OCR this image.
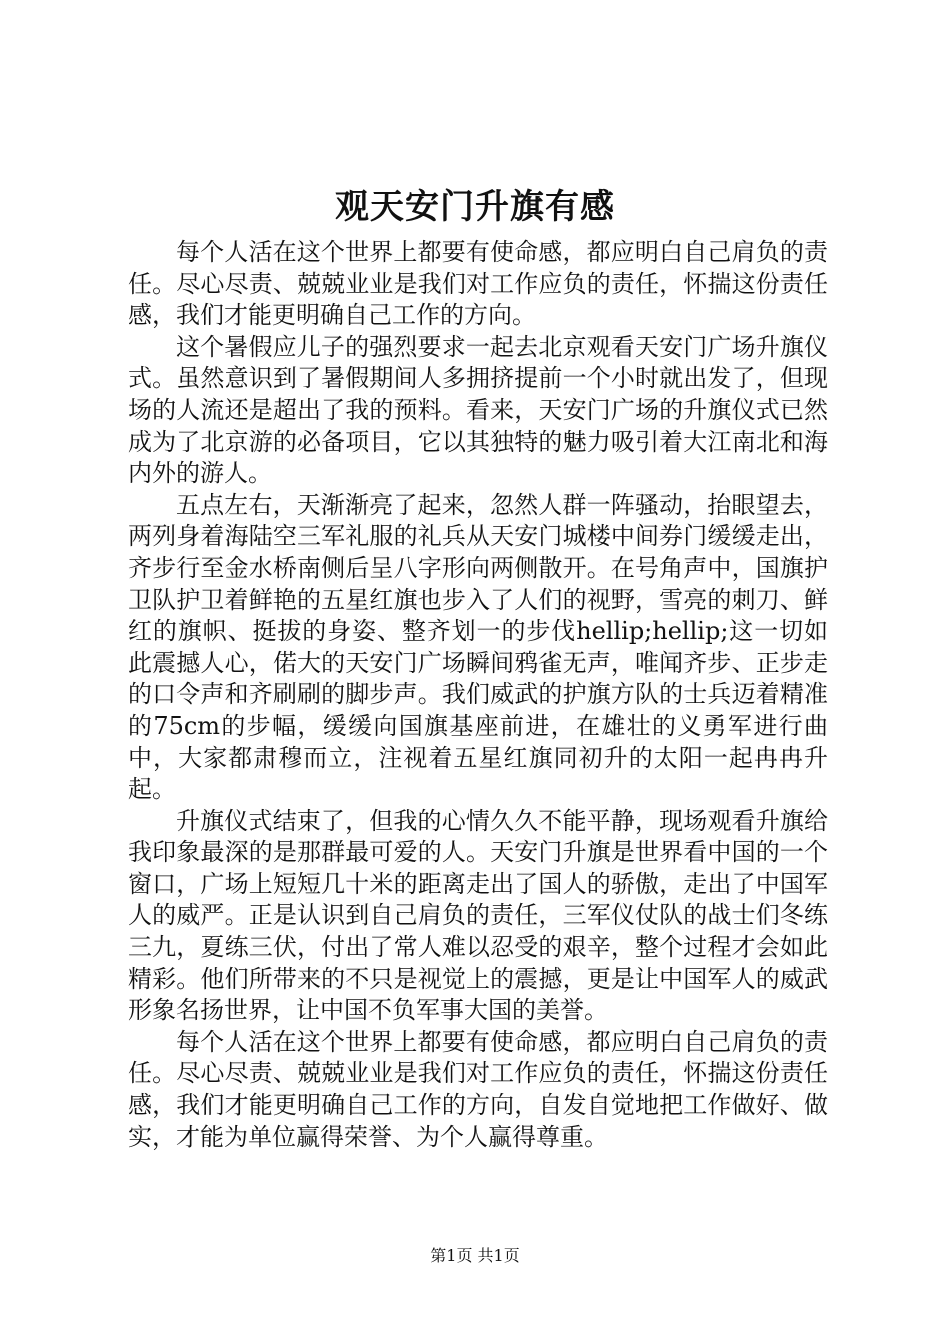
观天安门升旗有感

每个人活在这个世界上都要有使命感，都应明白自己肩负的责任。尽心尽责、兢兢业业是我们对工作应负的责任，怀揣这份责任感，我们才能更明确自己工作的方向。

这个暑假应儿子的强烈要求一起去北京观看天安门广场升旗仪式。虽然意识到了暑假期间人多拥挤提前一个小时就出发了，但现场的人流还是超出了我的预料。看来，天安门广场的升旗仪式已然成为了北京游的必备项目，它以其独特的魅力吸引着大江南北和海内外的游人。

五点左右，天渐渐亮了起来，忽然人群一阵骚动，抬眼望去，两列身着海陆空三军礼服的礼兵从天安门城楼中间券门缓缓走出，齐步行至金水桥南侧后呈八字形向两侧散开。在号角声中，国旗护卫队护卫着鲜艳的五星红旗也步入了人们的视野，雪亮的刺刀、鲜红的旗帜、挺拔的身姿、整齐划一的步伐hellip;hellip;这一切如此震撼人心，偌大的天安门广场瞬间鸦雀无声，唯闻齐步、正步走的口令声和齐刷刷的脚步声。我们威武的护旗方队的士兵迈着精准的75cm的步幅，缓缓向国旗基座前进，在雄壮的义勇军进行曲中，大家都肃穆而立，注视着五星红旗同初升的太阳一起冉冉升起。

升旗仪式结束了，但我的心情久久不能平静，现场观看升旗给我印象最深的是那群最可爱的人。天安门升旗是世界看中国的一个窗口，广场上短短几十米的距离走出了国人的骄傲，走出了中国军人的威严。正是认识到自己肩负的责任，三军仪仗队的战士们冬练三九，夏练三伏，付出了常人难以忍受的艰辛，整个过程才会如此精彩。他们所带来的不只是视觉上的震撼，更是让中国军人的威武形象名扬世界，让中国不负军事大国的美誉。

每个人活在这个世界上都要有使命感，都应明白自己肩负的责任。尽心尽责、兢兢业业是我们对工作应负的责任，怀揣这份责任感，我们才能更明确自己工作的方向，自发自觉地把工作做好、做实，才能为单位赢得荣誉、为个人赢得尊重。

第1页 共1页
